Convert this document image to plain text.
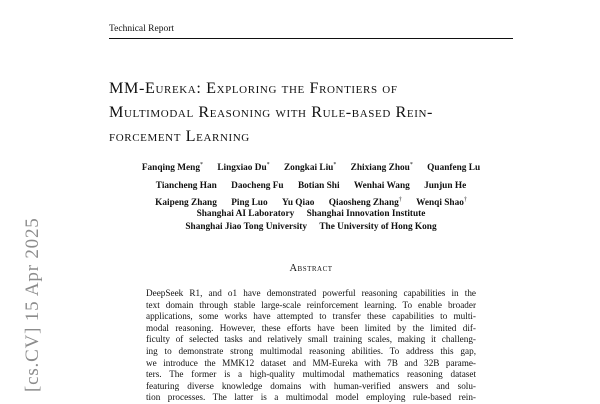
Technical Report
MM-Eureka: Exploring the Frontiers of
Multimodal Reasoning with Rule-based Rein-
forcement Learning
Fanqing Meng* Lingxiao Du* Zongkai Liu* Zhixiang Zhou* Quanfeng Lu
Tiancheng Han Daocheng Fu Botian Shi Wenhai Wang Junjun He
Kaipeng Zhang Ping Luo Yu Qiao Qiaosheng Zhang† Wenqi Shao†
Shanghai AI Laboratory Shanghai Innovation Institute
Shanghai Jiao Tong University The University of Hong Kong
Abstract
DeepSeek R1, and o1 have demonstrated powerful reasoning capabilities in the
text domain through stable large-scale reinforcement learning. To enable broader
applications, some works have attempted to transfer these capabilities to multi-
modal reasoning. However, these efforts have been limited by the limited dif-
ficulty of selected tasks and relatively small training scales, making it challeng-
ing to demonstrate strong multimodal reasoning abilities. To address this gap,
we introduce the MMK12 dataset and MM-Eureka with 7B and 32B parame-
ters. The former is a high-quality multimodal mathematics reasoning dataset
featuring diverse knowledge domains with human-verified answers and solu-
tion processes. The latter is a multimodal model employing rule-based rein-
[cs.CV] 15 Apr 2025
